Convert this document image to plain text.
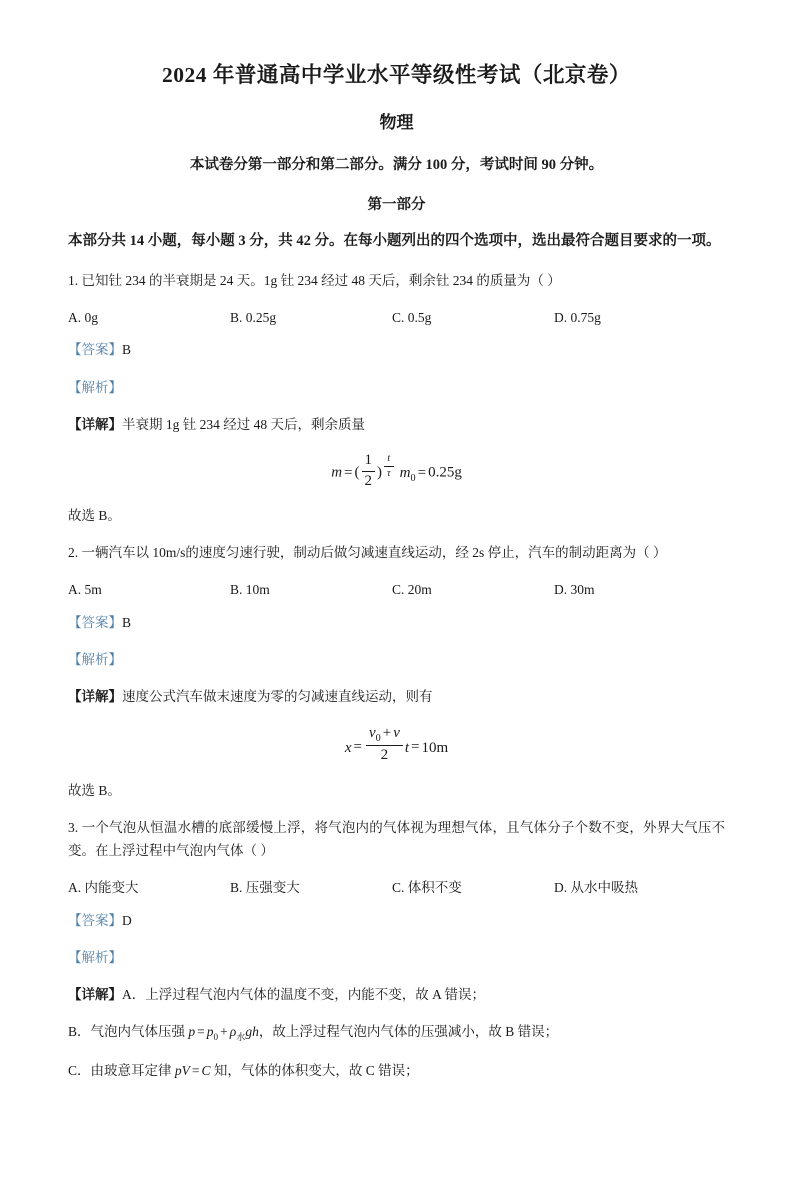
2024 年普通高中学业水平等级性考试（北京卷）
物理

本试卷分第一部分和第二部分。满分 100 分，考试时间 90 分钟。

第一部分

本部分共 14 小题，每小题 3 分，共 42 分。在每小题列出的四个选项中，选出最符合题目要求的一项。

1. 已知钍 234 的半衰期是 24 天。1g 钍 234 经过 48 天后，剩余钍 234 的质量为（ ）

A. 0g	B. 0.25g	C. 0.5g	D. 0.75g

【答案】B

【解析】

【详解】半衰期 1g 钍 234 经过 48 天后，剩余质量

m = ( $\frac{1}{2}$ ) $\frac{t}{\tau} m0 = 0.25g$

故选 B。

2. 一辆汽车以 10m/s的速度匀速行驶，制动后做匀减速直线运动，经 2s 停止，汽车的制动距离为（ ）

A. 5m	B. 10m	C. 20m	D. 30m

【答案】B

【解析】

【详解】速度公式汽车做末速度为零的匀减速直线运动，则有

$x = \frac{v0 + v}{2}$ t = 10m

故选 B。

3. 一个气泡从恒温水槽的底部缓慢上浮，将气泡内的气体视为理想气体，且气体分子个数不变，外界大气压不变。在上浮过程中气泡内气体（ ）

A. 内能变大	B. 压强变大	C. 体积不变	D. 从水中吸热

【答案】D

【解析】

【详解】A．上浮过程气泡内气体的温度不变，内能不变，故 A 错误；

B．气泡内气体压强 p = p0 + ρ水gh，故上浮过程气泡内气体的压强减小，故 B 错误；

C．由玻意耳定律 pV = C 知，气体的体积变大，故 C 错误；
